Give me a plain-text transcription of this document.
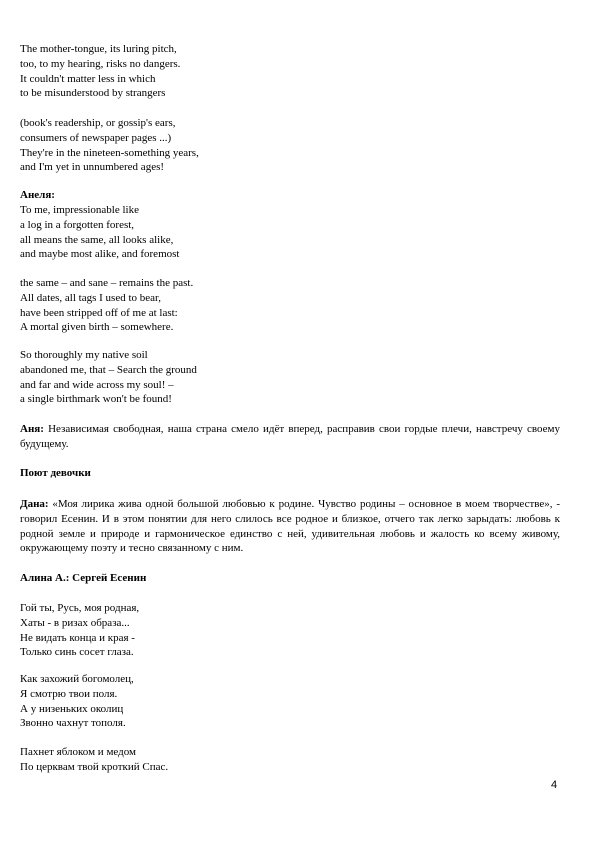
The mother-tongue, its luring pitch,
too, to my hearing, risks no dangers.
It couldn't matter less in which
to be misunderstood by strangers
(book's readership, or gossip's ears,
consumers of newspaper pages ...)
They're in the nineteen-something years,
and I'm yet in unnumbered ages!
Анеля:
To me, impressionable like
a log in a forgotten forest,
all means the same, all looks alike,
and maybe most alike, and foremost
the same – and sane – remains the past.
All dates, all tags I used to bear,
have been stripped off of me at last:
A mortal given birth – somewhere.
So thoroughly my native soil
abandoned me, that – Search the ground
and far and wide across my soul! –
a single birthmark won't be found!
Аня: Независимая свободная, наша страна смело идёт вперед, расправив свои гордые плечи, навстречу своему будущему.
Поют девочки
Дана: «Моя лирика жива одной большой любовью к родине. Чувство родины – основное в моем творчестве», - говорил Есенин. И в этом понятии для него слилось все родное и близкое, отчего так легко зарыдать: любовь к родной земле и природе и гармоническое единство с ней, удивительная любовь и жалость ко всему живому, окружающему поэту и тесно связанному с ним.
Алина А.: Сергей Есенин
Гой ты, Русь, моя родная,
Хаты - в ризах образа...
Не видать конца и края -
Только синь сосет глаза.
Как захожий богомолец,
Я смотрю твои поля.
А у низеньких околиц
Звонно чахнут тополя.
Пахнет яблоком и медом
По церквам твой кроткий Спас.
4
